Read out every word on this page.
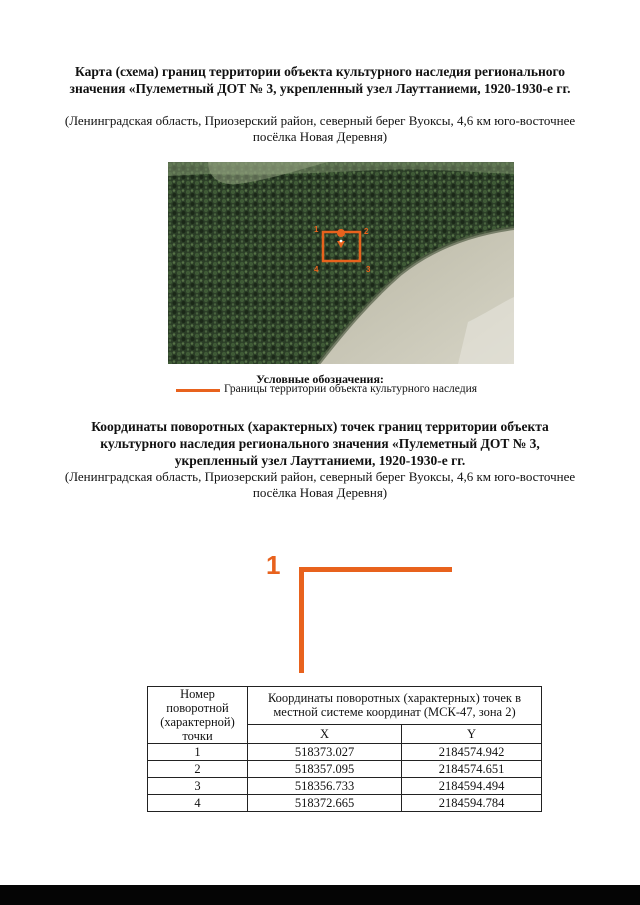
Карта (схема) границ территории объекта культурного наследия регионального значения «Пулеметный ДОТ № 3, укрепленный узел Лауттаниеми, 1920-1930-е гг.
(Ленинградская область, Приозерский район, северный берег Вуоксы, 4,6 км юго-восточнее посёлка Новая Деревня)
1	2
3
4
Условные обозначения:
Границы территории объекта культурного наследия
Координаты поворотных (характерных) точек границ территории объекта культурного наследия регионального значения «Пулеметный ДОТ № 3, укрепленный узел Лауттаниеми, 1920-1930-е гг.
(Ленинградская область, Приозерский район, северный берег Вуоксы, 4,6 км юго-восточнее посёлка Новая Деревня)
1
Номер поворотной (характерной) точки	Координаты поворотных (характерных) точек в местной системе координат (МСК-47, зона 2)	
	X	Y
1	518373.027	2184574.942
2	518357.095	2184574.651
3	518356.733	2184594.494
4	518372.665	2184594.784
